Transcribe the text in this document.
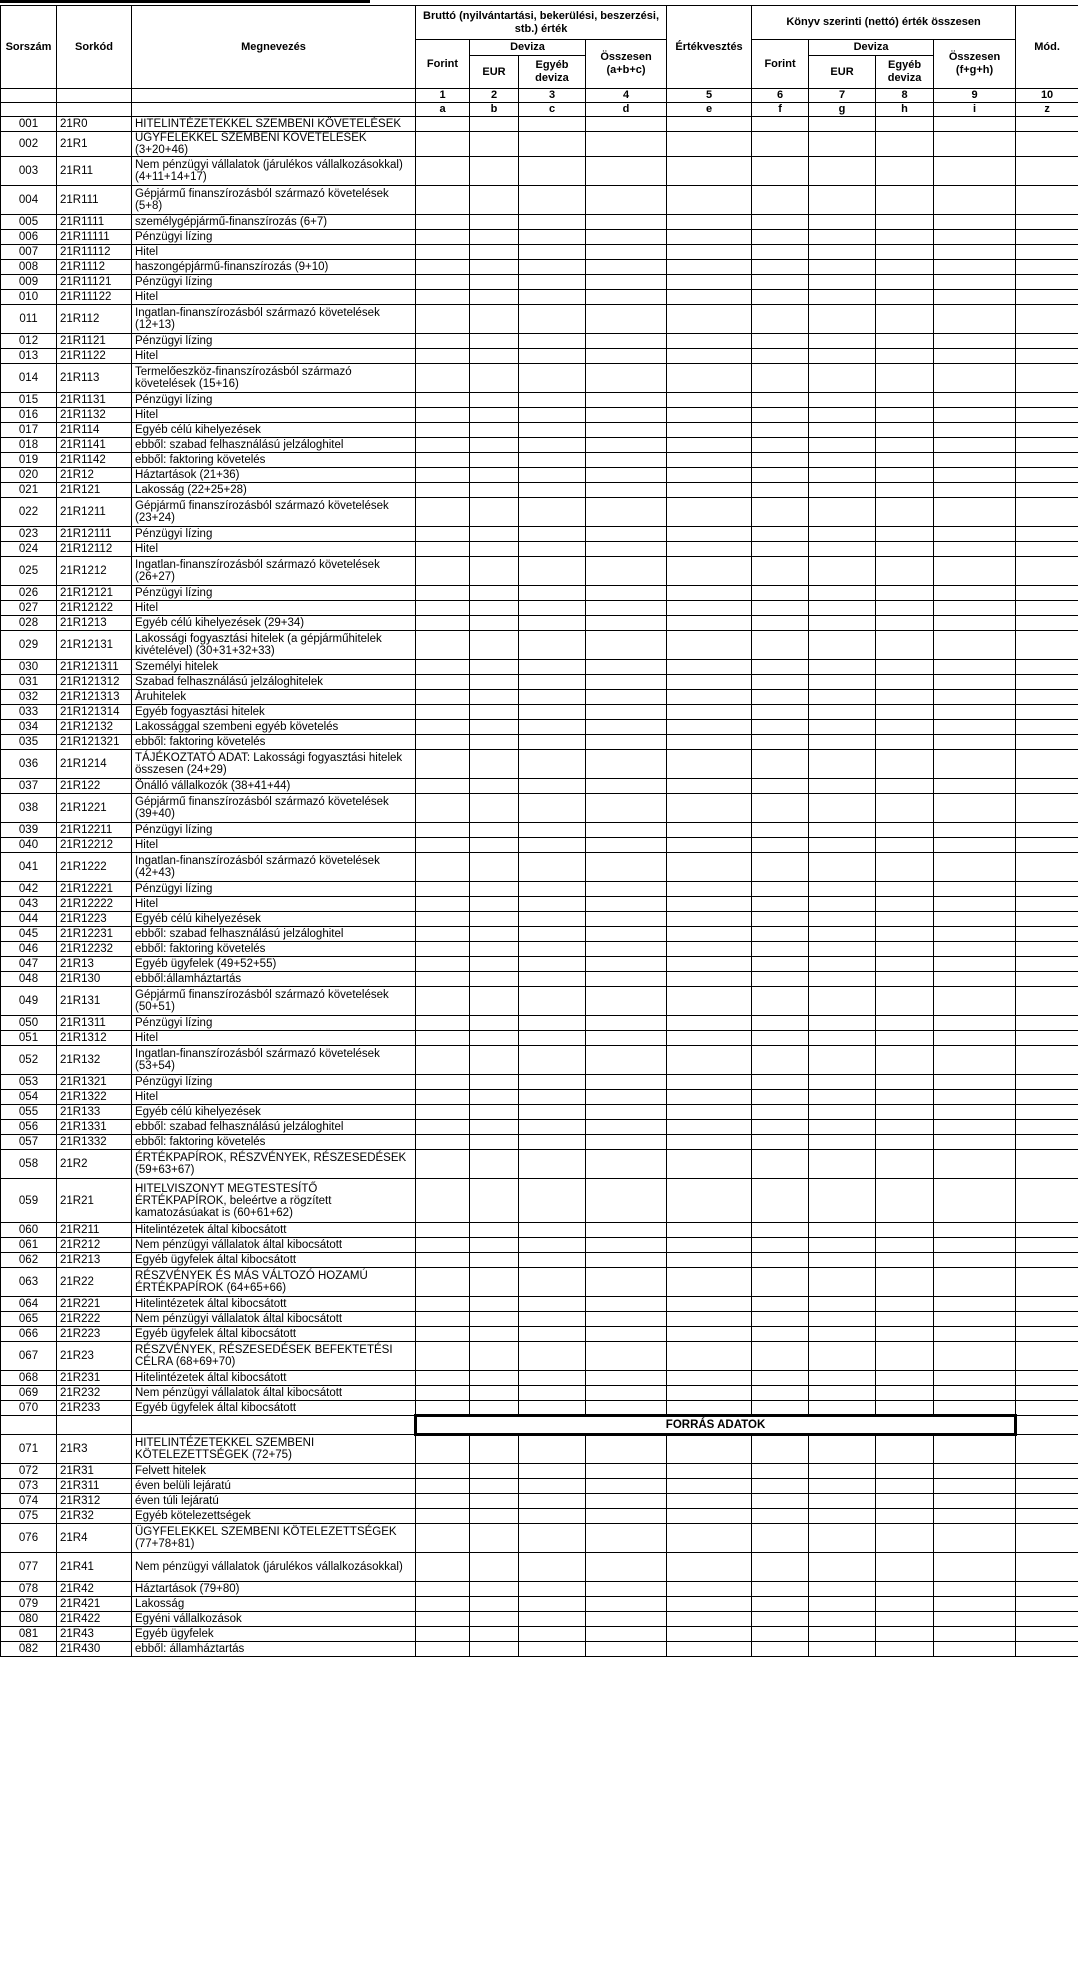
Sorszám	Sorkód	Megnevezés	Bruttó (nyilvántartási, bekerülési, beszerzési, stb.) érték				Értékvesztés	Könyv szerinti (nettó) érték összesen				Mód.
			Forint	Deviza		Összesen (a+b+c)		Forint	Deviza		Összesen (f+g+h)	
				EUR	Egyéb deviza				EUR	Egyéb deviza		
			1	2	3	4	5	6	7	8	9	10
			a	b	c	d	e	f	g	h	i	z
001	21R0	HITELINTÉZETEKKEL SZEMBENI KÖVETELÉSEK										
002	21R1	ÜGYFELEKKEL SZEMBENI KÖVETELÉSEK (3+20+46)										
003	21R11	Nem pénzügyi vállalatok (járulékos vállalkozásokkal) (4+11+14+17)										
004	21R111	Gépjármű finanszírozásból származó követelések (5+8)										
005	21R1111	személygépjármű-finanszírozás (6+7)										
006	21R11111	Pénzügyi lízing										
007	21R11112	Hitel										
008	21R1112	haszongépjármű-finanszírozás (9+10)										
009	21R11121	Pénzügyi lízing										
010	21R11122	Hitel										
011	21R112	Ingatlan-finanszírozásból származó követelések (12+13)										
012	21R1121	Pénzügyi lízing										
013	21R1122	Hitel										
014	21R113	Termelőeszköz-finanszírozásból származó követelések (15+16)										
015	21R1131	Pénzügyi lízing										
016	21R1132	Hitel										
017	21R114	Egyéb célú kihelyezések										
018	21R1141	ebből: szabad felhasználású jelzáloghitel										
019	21R1142	ebből: faktoring követelés										
020	21R12	Háztartások (21+36)										
021	21R121	Lakosság (22+25+28)										
022	21R1211	Gépjármű finanszírozásból származó követelések (23+24)										
023	21R12111	Pénzügyi lízing										
024	21R12112	Hitel										
025	21R1212	Ingatlan-finanszírozásból származó követelések (26+27)										
026	21R12121	Pénzügyi lízing										
027	21R12122	Hitel										
028	21R1213	Egyéb célú kihelyezések (29+34)										
029	21R12131	Lakossági fogyasztási hitelek (a gépjárműhitelek kivételével) (30+31+32+33)										
030	21R121311	Személyi hitelek										
031	21R121312	Szabad felhasználású jelzáloghitelek										
032	21R121313	Áruhitelek										
033	21R121314	Egyéb fogyasztási hitelek										
034	21R12132	Lakossággal szembeni egyéb követelés										
035	21R121321	ebből: faktoring követelés										
036	21R1214	TÁJÉKOZTATÓ ADAT: Lakossági fogyasztási hitelek összesen (24+29)										
037	21R122	Önálló vállalkozók (38+41+44)										
038	21R1221	Gépjármű finanszírozásból származó követelések (39+40)										
039	21R12211	Pénzügyi lízing										
040	21R12212	Hitel										
041	21R1222	Ingatlan-finanszírozásból származó követelések (42+43)										
042	21R12221	Pénzügyi lízing										
043	21R12222	Hitel										
044	21R1223	Egyéb célú kihelyezések										
045	21R12231	ebből: szabad felhasználású jelzáloghitel										
046	21R12232	ebből: faktoring követelés										
047	21R13	Egyéb ügyfelek (49+52+55)										
048	21R130	ebből:államháztartás										
049	21R131	Gépjármű finanszírozásból származó követelések (50+51)										
050	21R1311	Pénzügyi lízing										
051	21R1312	Hitel										
052	21R132	Ingatlan-finanszírozásból származó követelések (53+54)										
053	21R1321	Pénzügyi lízing										
054	21R1322	Hitel										
055	21R133	Egyéb célú kihelyezések										
056	21R1331	ebből: szabad felhasználású jelzáloghitel										
057	21R1332	ebből: faktoring követelés										
058	21R2	ÉRTÉKPAPÍROK, RÉSZVÉNYEK, RÉSZESEDÉSEK (59+63+67)										
059	21R21	HITELVISZONYT MEGTESTESÍTŐ ÉRTÉKPAPÍROK, beleértve a rögzített kamatozásúakat is (60+61+62)										
060	21R211	Hitelintézetek által kibocsátott										
061	21R212	Nem pénzügyi vállalatok által kibocsátott										
062	21R213	Egyéb ügyfelek által kibocsátott										
063	21R22	RÉSZVÉNYEK ÉS MÁS VÁLTOZÓ HOZAMÚ ÉRTÉKPAPÍROK (64+65+66)										
064	21R221	Hitelintézetek által kibocsátott										
065	21R222	Nem pénzügyi vállalatok által kibocsátott										
066	21R223	Egyéb ügyfelek által kibocsátott										
067	21R23	RÉSZVÉNYEK, RÉSZESEDÉSEK BEFEKTETÉSI CÉLRA (68+69+70)										
068	21R231	Hitelintézetek által kibocsátott										
069	21R232	Nem pénzügyi vállalatok által kibocsátott										
070	21R233	Egyéb ügyfelek által kibocsátott										
			FORRÁS ADATOK									
071	21R3	HITELINTÉZETEKKEL SZEMBENI KÖTELEZETTSÉGEK (72+75)										
072	21R31	Felvett hitelek										
073	21R311	éven belüli lejáratú										
074	21R312	éven túli lejáratú										
075	21R32	Egyéb kötelezettségek										
076	21R4	ÜGYFELEKKEL SZEMBENI KÖTELEZETTSÉGEK (77+78+81)										
077	21R41	Nem pénzügyi vállalatok (járulékos vállalkozásokkal)										
078	21R42	Háztartások (79+80)										
079	21R421	Lakosság										
080	21R422	Egyéni vállalkozások										
081	21R43	Egyéb ügyfelek										
082	21R430	ebből: államháztartás										
